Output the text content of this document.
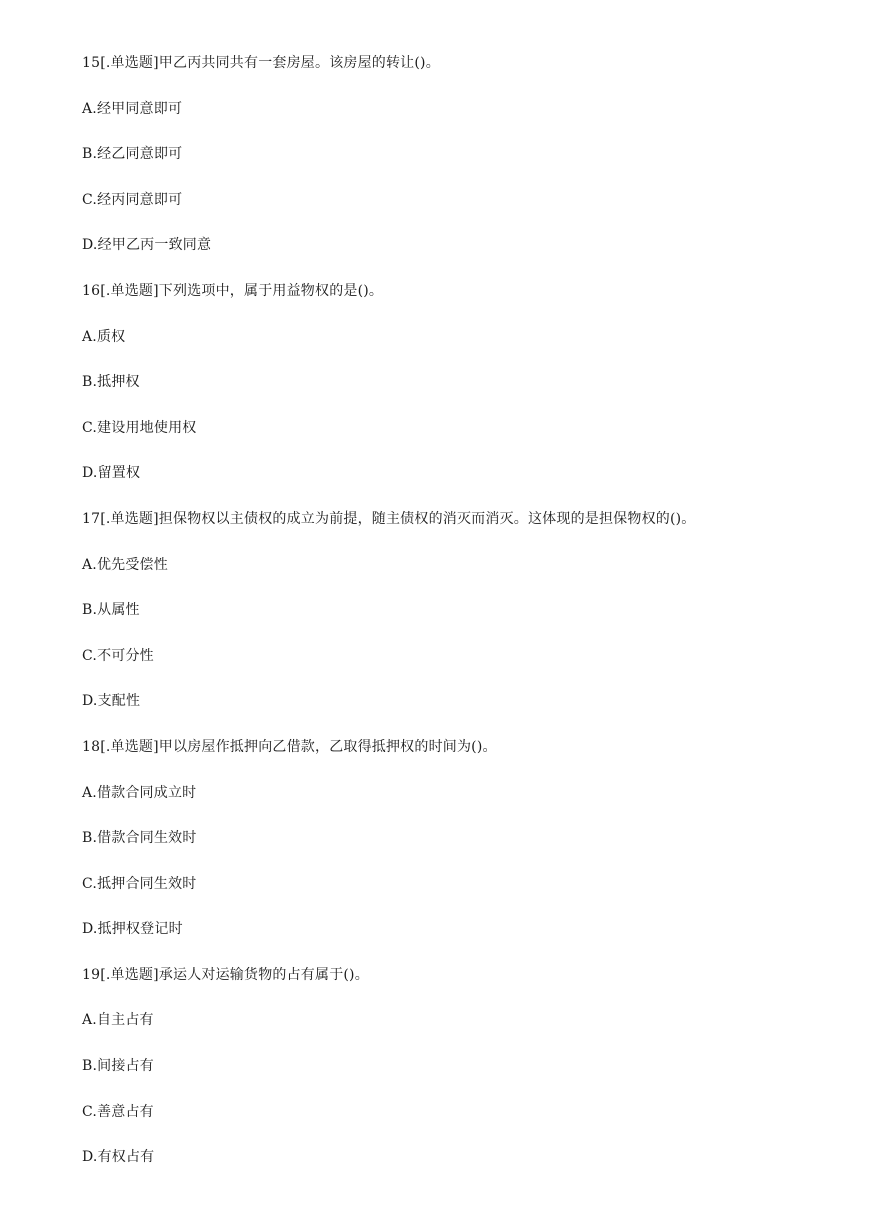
15[.单选题]甲乙丙共同共有一套房屋。该房屋的转让()。
A.经甲同意即可
B.经乙同意即可
C.经丙同意即可
D.经甲乙丙一致同意
16[.单选题]下列选项中，属于用益物权的是()。
A.质权
B.抵押权
C.建设用地使用权
D.留置权
17[.单选题]担保物权以主债权的成立为前提，随主债权的消灭而消灭。这体现的是担保物权的()。
A.优先受偿性
B.从属性
C.不可分性
D.支配性
18[.单选题]甲以房屋作抵押向乙借款，乙取得抵押权的时间为()。
A.借款合同成立时
B.借款合同生效时
C.抵押合同生效时
D.抵押权登记时
19[.单选题]承运人对运输货物的占有属于()。
A.自主占有
B.间接占有
C.善意占有
D.有权占有
